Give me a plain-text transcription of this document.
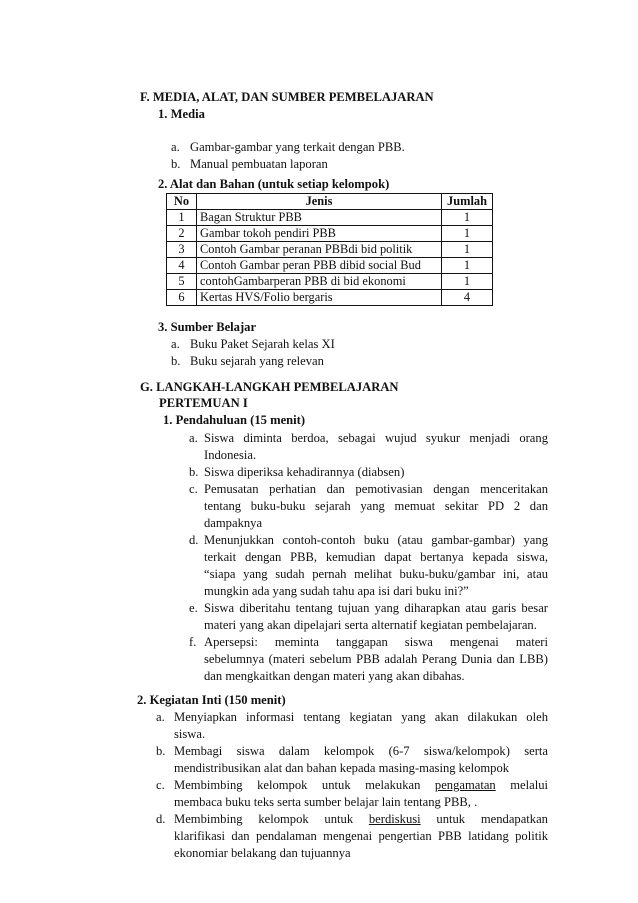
F. MEDIA, ALAT, DAN SUMBER PEMBELAJARAN
1. Media
a. Gambar-gambar yang terkait dengan PBB.
b. Manual pembuatan laporan
2. Alat dan Bahan (untuk setiap kelompok)
No	Jenis	Jumlah
1	Bagan Struktur PBB	1
2	Gambar tokoh pendiri PBB	1
3	Contoh Gambar peranan PBBdi bid politik	1
4	Contoh Gambar peran PBB dibid social Bud	1
5	contohGambarperan PBB di bid ekonomi	1
6	Kertas HVS/Folio bergaris	4
3. Sumber Belajar
a. Buku Paket Sejarah kelas XI
b. Buku sejarah yang relevan
G. LANGKAH-LANGKAH PEMBELAJARAN
PERTEMUAN I
1. Pendahuluan (15 menit)
a. Siswa diminta berdoa, sebagai wujud syukur menjadi orang
Indonesia.
b. Siswa diperiksa kehadirannya (diabsen)
c. Pemusatan perhatian dan pemotivasian dengan menceritakan
tentang buku-buku sejarah yang memuat sekitar PD 2 dan
dampaknya
d. Menunjukkan contoh-contoh buku (atau gambar-gambar) yang
terkait dengan PBB, kemudian dapat bertanya kepada siswa,
“siapa yang sudah pernah melihat buku-buku/gambar ini, atau
mungkin ada yang sudah tahu apa isi dari buku ini?”
e. Siswa diberitahu tentang tujuan yang diharapkan atau garis besar
materi yang akan dipelajari serta alternatif kegiatan pembelajaran.
f. Apersepsi: meminta tanggapan siswa mengenai materi
sebelumnya (materi sebelum PBB adalah Perang Dunia dan LBB)
dan mengkaitkan dengan materi yang akan dibahas.
2. Kegiatan Inti (150 menit)
a. Menyiapkan informasi tentang kegiatan yang akan dilakukan oleh
siswa.
b. Membagi siswa dalam kelompok (6-7 siswa/kelompok) serta
mendistribusikan alat dan bahan kepada masing-masing kelompok
c. Membimbing kelompok untuk melakukan pengamatan melalui
membaca buku teks serta sumber belajar lain tentang PBB, .
d. Membimbing kelompok untuk berdiskusi untuk mendapatkan
klarifikasi dan pendalaman mengenai pengertian PBB latidang politik
ekonomiar belakang dan tujuannya
